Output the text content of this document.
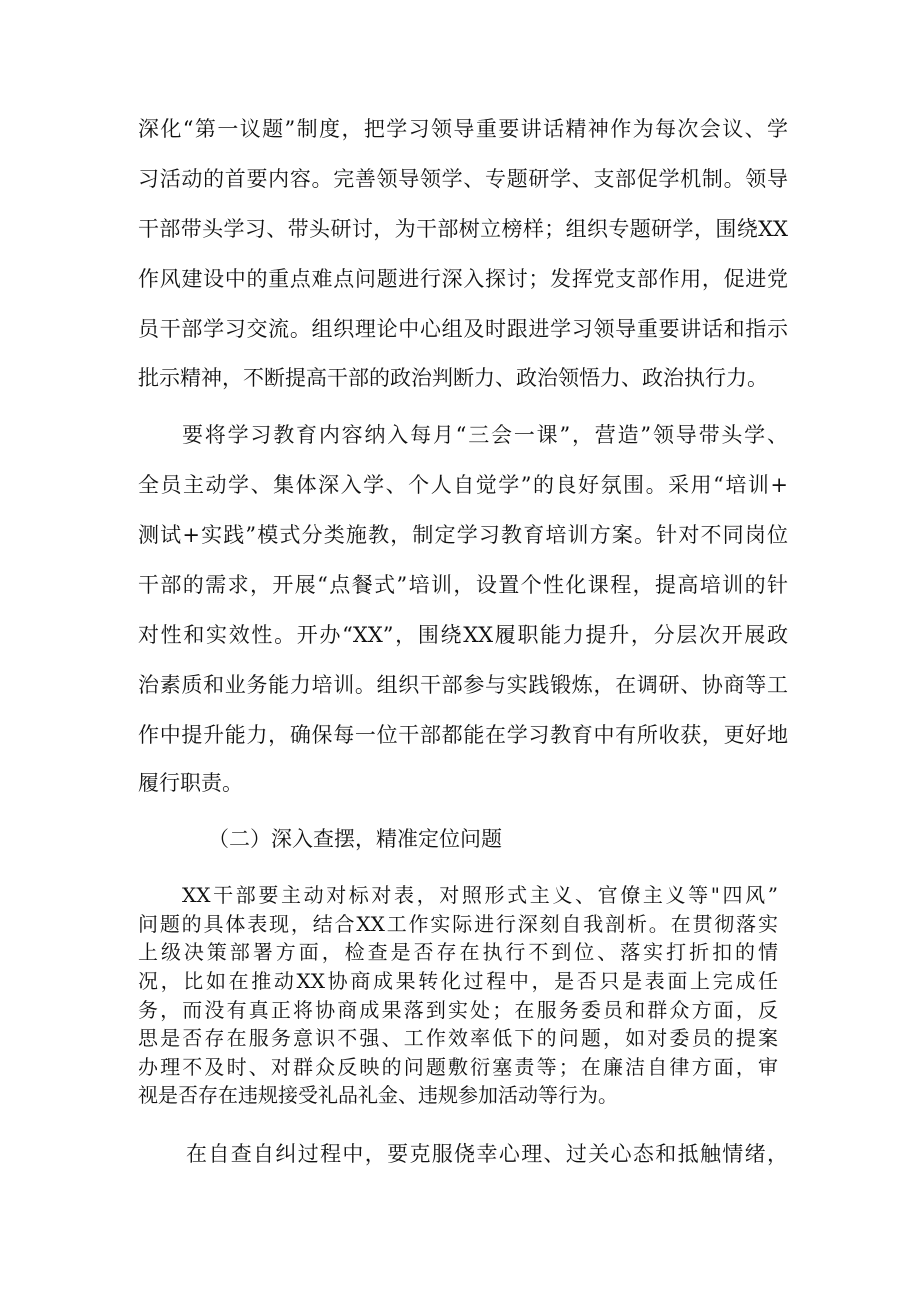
深化“第一议题”制度，把学习领导重要讲话精神作为每次会议、学
习活动的首要内容。完善领导领学、专题研学、支部促学机制。领导
干部带头学习、带头研讨，为干部树立榜样；组织专题研学，围绕XX
作风建设中的重点难点问题进行深入探讨；发挥党支部作用，促进党
员干部学习交流。组织理论中心组及时跟进学习领导重要讲话和指示
批示精神，不断提高干部的政治判断力、政治领悟力、政治执行力。
要将学习教育内容纳入每月“三会一课”，营造”领导带头学、
全员主动学、集体深入学、个人自觉学”的良好氛围。采用“培训+
测试+实践”模式分类施教，制定学习教育培训方案。针对不同岗位
干部的需求，开展“点餐式”培训，设置个性化课程，提高培训的针
对性和实效性。开办“XX”，围绕XX履职能力提升，分层次开展政
治素质和业务能力培训。组织干部参与实践锻炼，在调研、协商等工
作中提升能力，确保每一位干部都能在学习教育中有所收获，更好地
履行职责。
（二）深入查摆，精准定位问题
XX干部要主动对标对表，对照形式主义、官僚主义等"四风”
问题的具体表现，结合XX工作实际进行深刻自我剖析。在贯彻落实
上级决策部署方面，检查是否存在执行不到位、落实打折扣的情
况，比如在推动XX协商成果转化过程中，是否只是表面上完成任
务，而没有真正将协商成果落到实处；在服务委员和群众方面，反
思是否存在服务意识不强、工作效率低下的问题，如对委员的提案
办理不及时、对群众反映的问题敷衍塞责等；在廉洁自律方面，审
视是否存在违规接受礼品礼金、违规参加活动等行为。
在自查自纠过程中，要克服侥幸心理、过关心态和抵触情绪，
